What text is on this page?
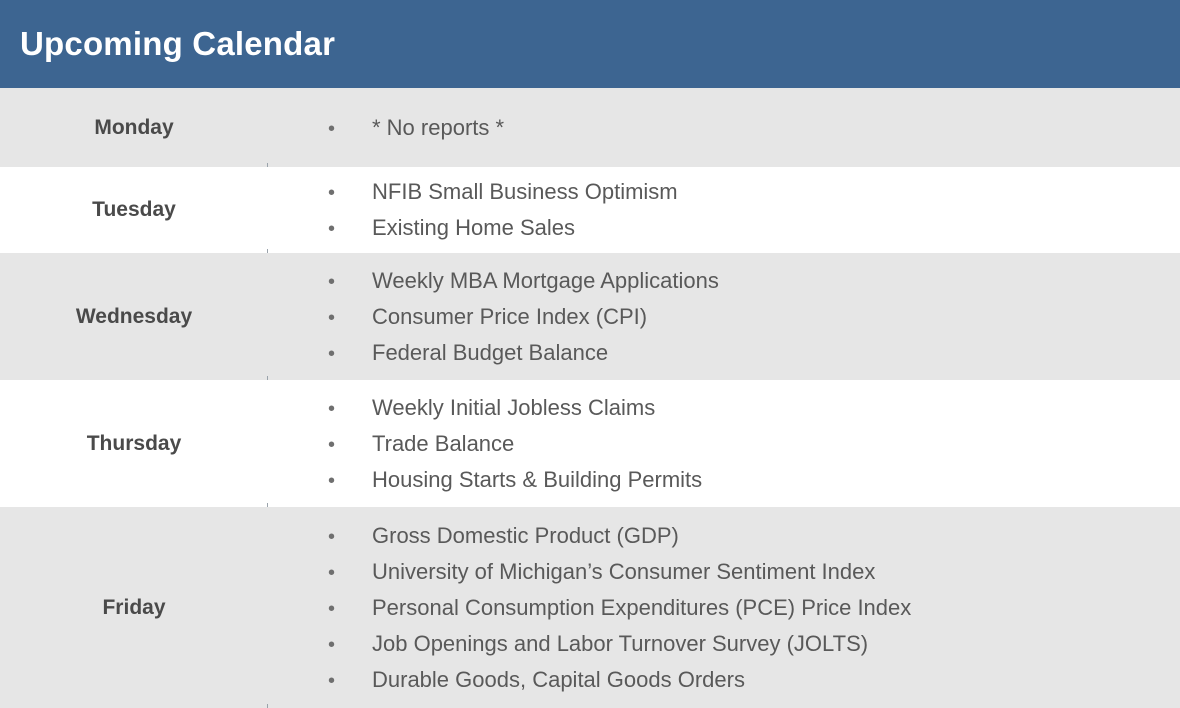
Upcoming Calendar
Monday	•	* No reports *
Tuesday
•	NFIB Small Business Optimism
•	Existing Home Sales
Wednesday
•	Weekly MBA Mortgage Applications
•	Consumer Price Index (CPI)
•	Federal Budget Balance
Thursday
•	Weekly Initial Jobless Claims
•	Trade Balance
•	Housing Starts & Building Permits
Friday
•	Gross Domestic Product (GDP)
•	University of Michigan’s Consumer Sentiment Index
•	Personal Consumption Expenditures (PCE) Price Index
•	Job Openings and Labor Turnover Survey (JOLTS)
•	Durable Goods, Capital Goods Orders
